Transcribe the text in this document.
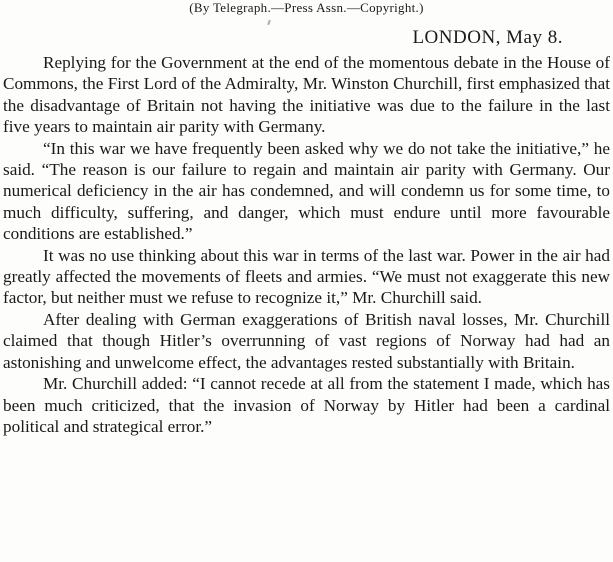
(By Telegraph.—Press Assn.—Copyright.)
LONDON, May 8.

Replying for the Government at the end of the momentous debate in the House of Commons, the First Lord of the Admiralty, Mr. Winston Churchill, first emphasized that the disadvantage of Britain not having the initiative was due to the failure in the last five years to maintain air parity with Germany.

“In this war we have frequently been asked why we do not take the initiative,” he said. “The reason is our failure to regain and maintain air parity with Germany. Our numerical deficiency in the air has condemned, and will condemn us for some time, to much difficulty, suffering, and danger, which must endure until more favourable conditions are established.”

It was no use thinking about this war in terms of the last war. Power in the air had greatly affected the movements of fleets and armies. “We must not exaggerate this new factor, but neither must we refuse to recognize it,” Mr. Churchill said.

After dealing with German exaggerations of British naval losses, Mr. Churchill claimed that though Hitler’s overrunning of vast regions of Norway had had an astonishing and unwelcome effect, the advantages rested substantially with Britain.

Mr. Churchill added: “I cannot recede at all from the statement I made, which has been much criticized, that the invasion of Norway by Hitler had been a cardinal political and strategical error.”
